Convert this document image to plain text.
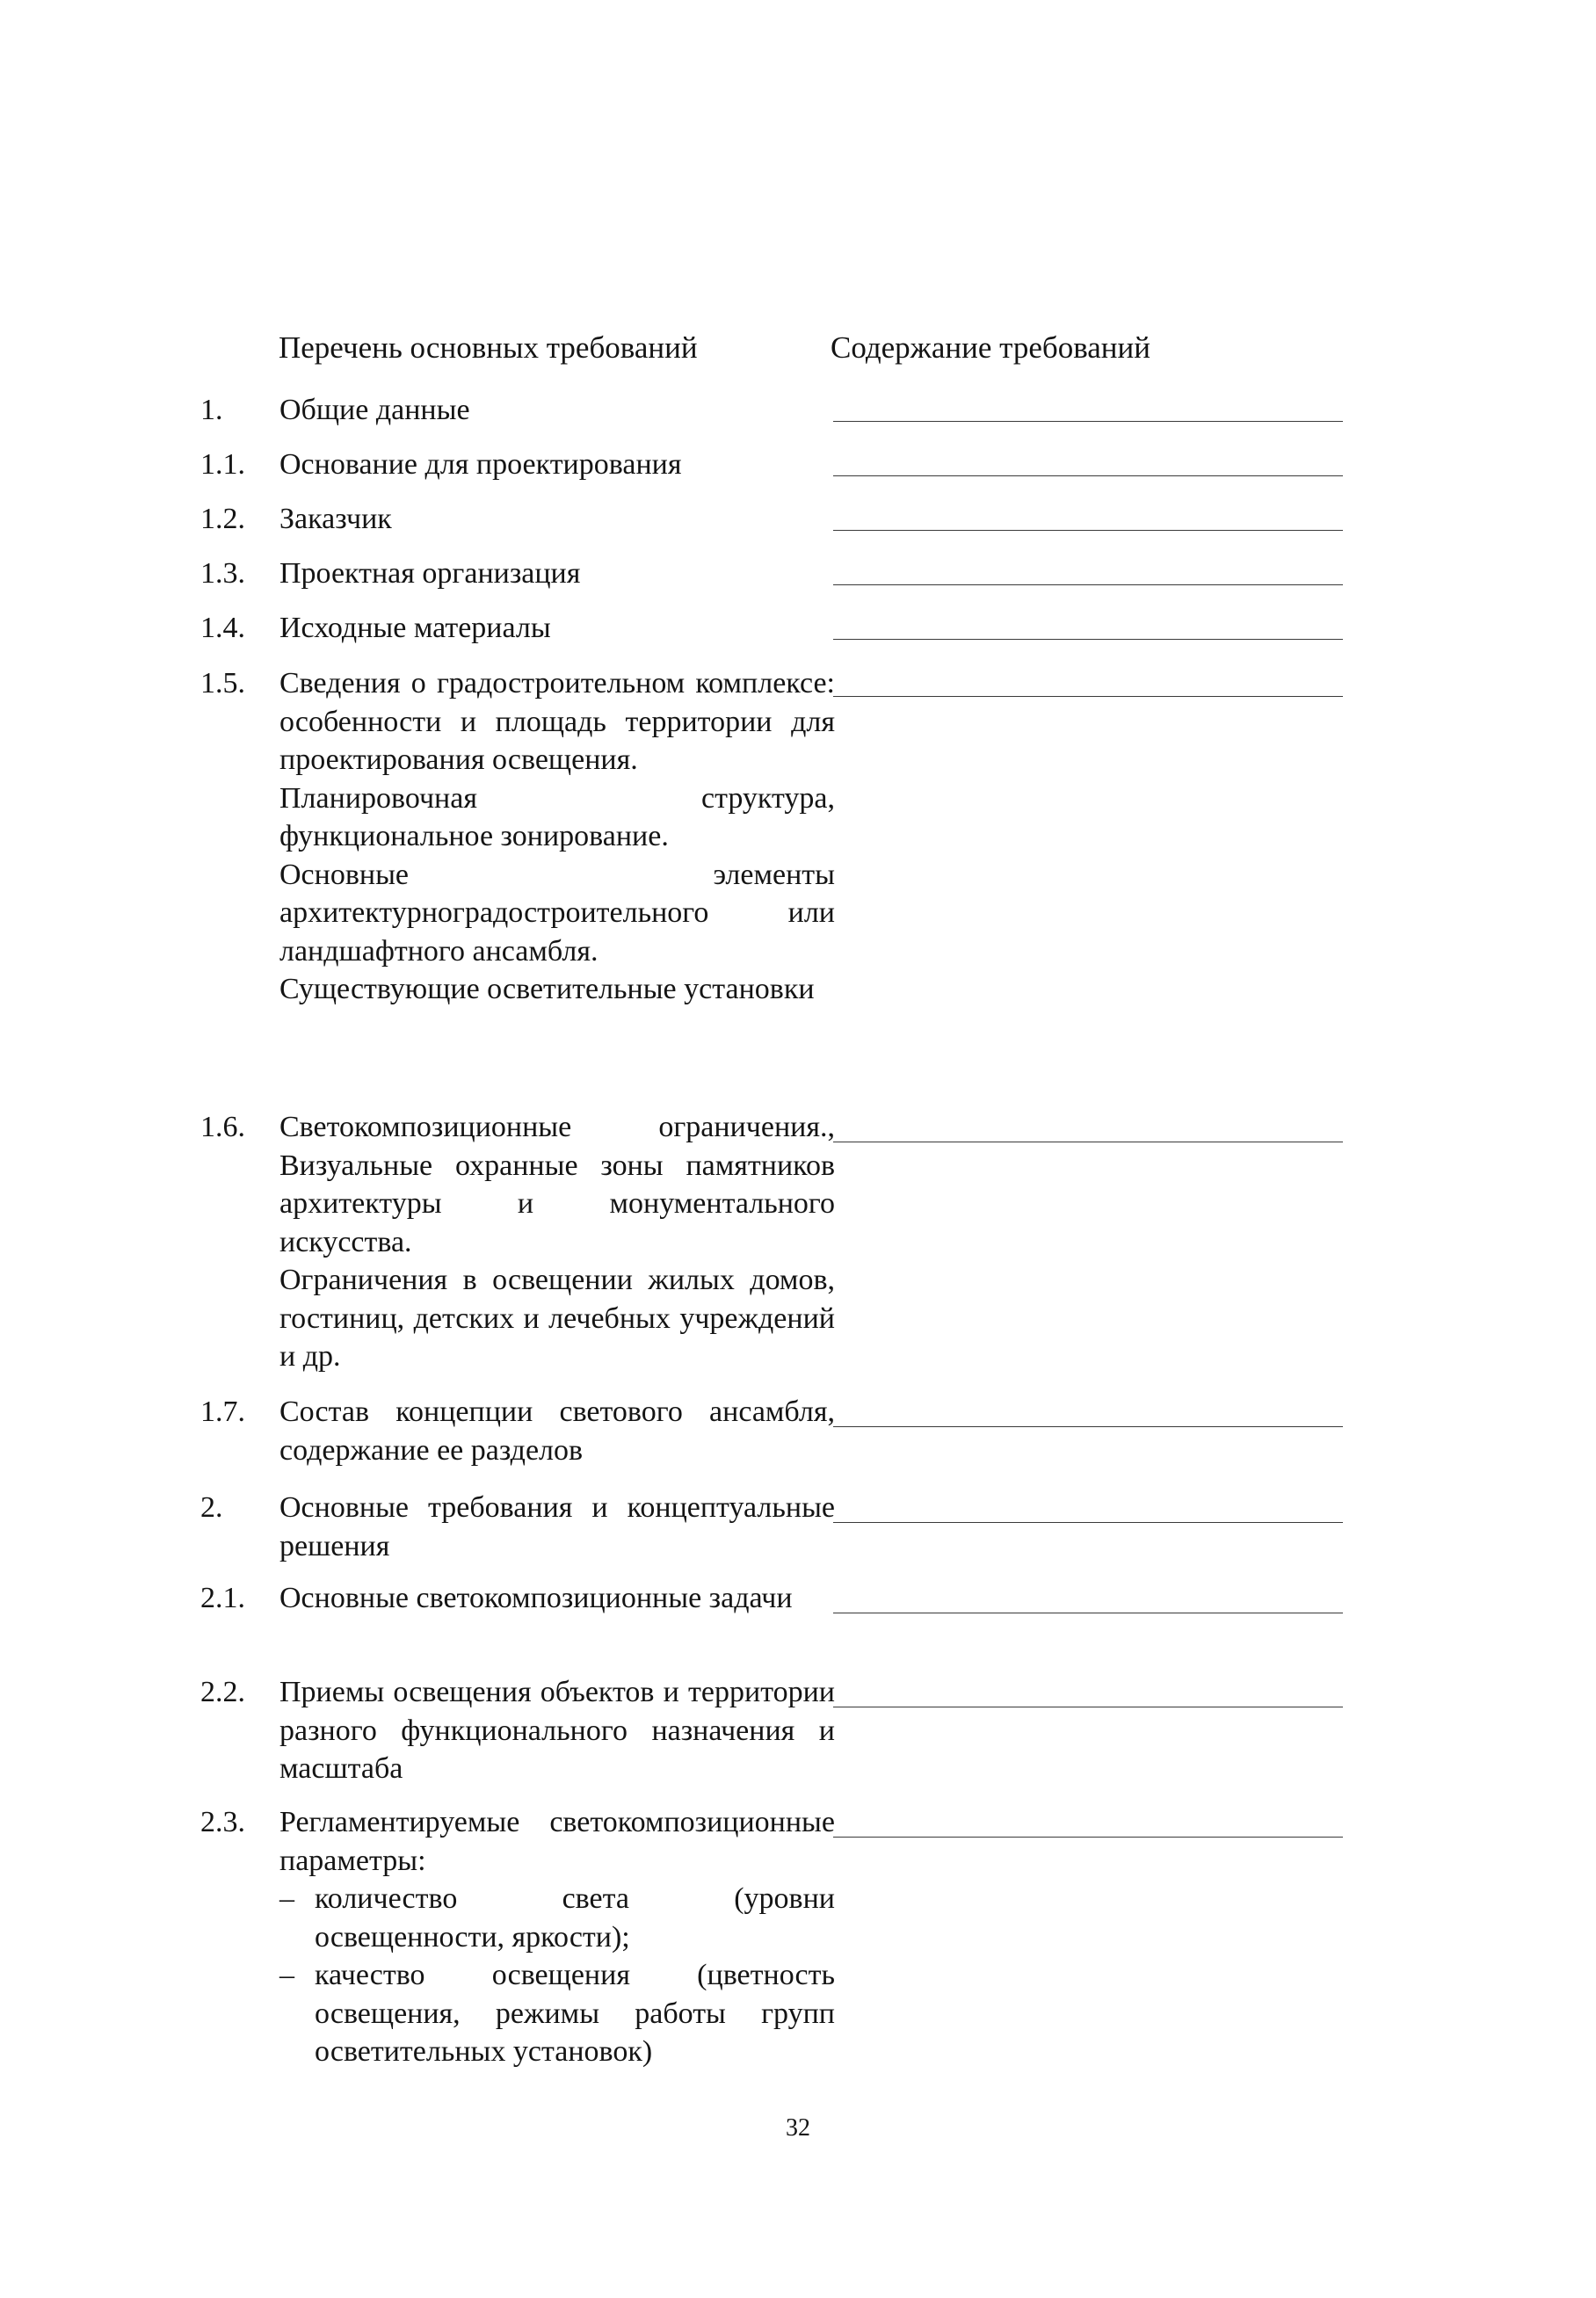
Перечень основных требований	Содержание требований
1. Общие данные

1.1. Основание для проектирования

1.2. Заказчик

1.3. Проектная организация

1.4. Исходные материалы

1.5. Сведения о градостроительном комплексе: особенности и площадь территории для проектирования освещения.

Планировочная структура, функциональное зонирование.

Основные элементы архитектурноградостроительного или ландшафтного ансамбля.

Существующие осветительные установки

1.6. Светокомпозиционные ограничения., Визуальные охранные зоны памятников архитектуры и монументального искусства.

Ограничения в освещении жилых домов, гостиниц, детских и лечебных учреждений и др.

1.7. Состав концепции светового ансамбля, содержание ее разделов

2. Основные требования и концептуальные решения

2.1. Основные светокомпозиционные задачи

2.2. Приемы освещения объектов и территории разного функционального назначения и масштаба

2.3. Регламентируемые светокомпозиционные параметры:

– количество света (уровни освещенности, яркости);
– качество освещения (цветность освещения, режимы работы групп осветительных установок)
32
